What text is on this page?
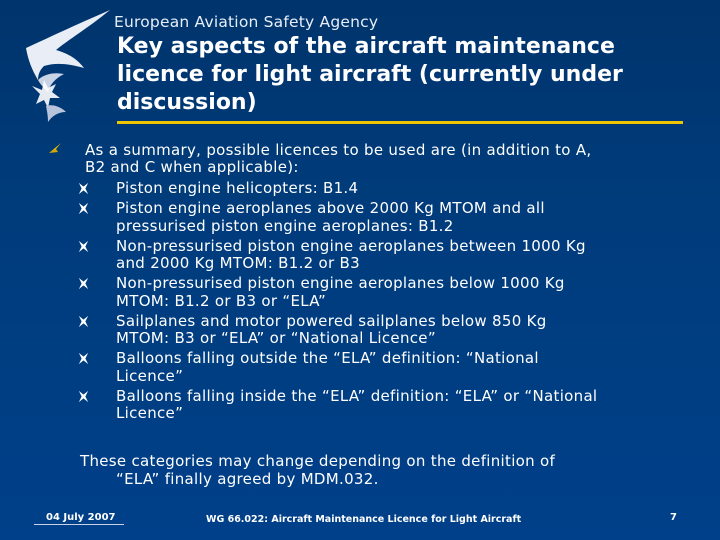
European Aviation Safety Agency
Key aspects of the aircraft maintenance
licence for light aircraft (currently under
discussion)
As a summary, possible licences to be used are (in addition to A,
B2 and C when applicable):
Piston engine helicopters: B1.4
Piston engine aeroplanes above 2000 Kg MTOM and all
pressurised piston engine aeroplanes: B1.2
Non-pressurised piston engine aeroplanes between 1000 Kg
and 2000 Kg MTOM: B1.2 or B3
Non-pressurised piston engine aeroplanes below 1000 Kg
MTOM: B1.2 or B3 or “ELA”
Sailplanes and motor powered sailplanes below 850 Kg
MTOM: B3 or “ELA” or “National Licence”
Balloons falling outside the “ELA” definition: “National
Licence”
Balloons falling inside the “ELA” definition: “ELA” or “National
Licence”
These categories may change depending on the definition of
“ELA” finally agreed by MDM.032.
04 July 2007	WG 66.022: Aircraft Maintenance Licence for Light Aircraft	7
